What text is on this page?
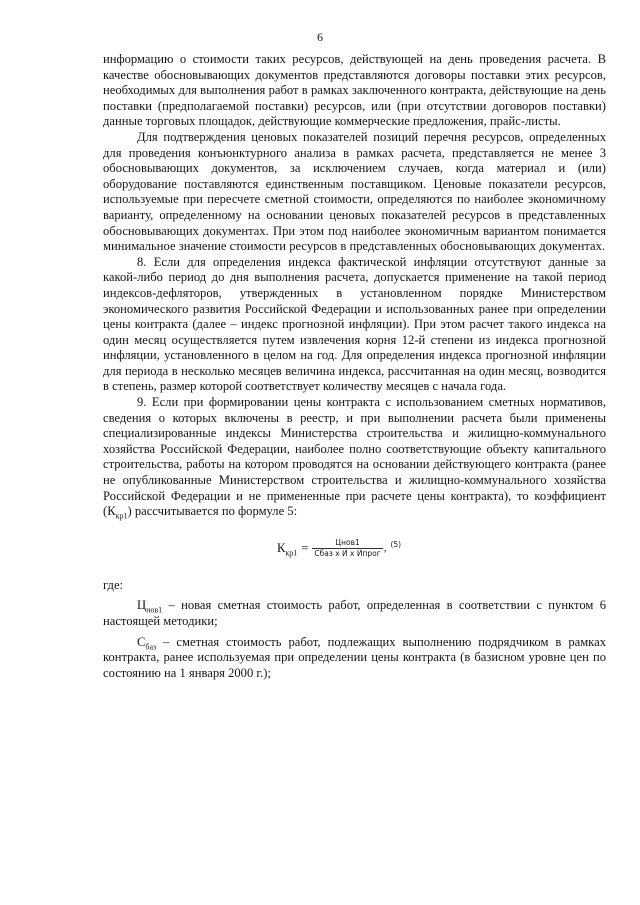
6

информацию о стоимости таких ресурсов, действующей на день проведения расчета. В качестве обосновывающих документов представляются договоры поставки этих ресурсов, необходимых для выполнения работ в рамках заключенного контракта, действующие на день поставки (предполагаемой поставки) ресурсов, или (при отсутствии договоров поставки) данные торговых площадок, действующие коммерческие предложения, прайс-листы.

Для подтверждения ценовых показателей позиций перечня ресурсов, определенных для проведения конъюнктурного анализа в рамках расчета, представляется не менее 3 обосновывающих документов, за исключением случаев, когда материал и (или) оборудование поставляются единственным поставщиком. Ценовые показатели ресурсов, используемые при пересчете сметной стоимости, определяются по наиболее экономичному варианту, определенному на основании ценовых показателей ресурсов в представленных обосновывающих документах. При этом под наиболее экономичным вариантом понимается минимальное значение стоимости ресурсов в представленных обосновывающих документах.

8. Если для определения индекса фактической инфляции отсутствуют данные за какой-либо период до дня выполнения расчета, допускается применение на такой период индексов-дефляторов, утвержденных в установленном порядке Министерством экономического развития Российской Федерации и использованных ранее при определении цены контракта (далее – индекс прогнозной инфляции). При этом расчет такого индекса на один месяц осуществляется путем извлечения корня 12-й степени из индекса прогнозной инфляции, установленного в целом на год. Для определения индекса прогнозной инфляции для периода в несколько месяцев величина индекса, рассчитанная на один месяц, возводится в степень, размер которой соответствует количеству месяцев с начала года.

9. Если при формировании цены контракта с использованием сметных нормативов, сведения о которых включены в реестр, и при выполнении расчета были применены специализированные индексы Министерства строительства и жилищно-коммунального хозяйства Российской Федерации, наиболее полно соответствующие объекту капитального строительства, работы на котором проводятся на основании действующего контракта (ранее не опубликованные Министерством строительства и жилищно-коммунального хозяйства Российской Федерации и не примененные при расчете цены контракта), то коэффициент $(К_{кр1})$ рассчитывается по формуле 5:

$К_{кр1} = \frac{\text{Цнов1}}{\text{Сбаз х И х Ипрог}}$ , (5)
где:

$Ц_{нов1}$ – новая сметная стоимость работ, определенная в соответствии с пунктом 6 настоящей методики;

$С_{баз}$ – сметная стоимость работ, подлежащих выполнению подрядчиком в рамках контракта, ранее используемая при определении цены контракта (в базисном уровне цен по состоянию на 1 января 2000 г.);
